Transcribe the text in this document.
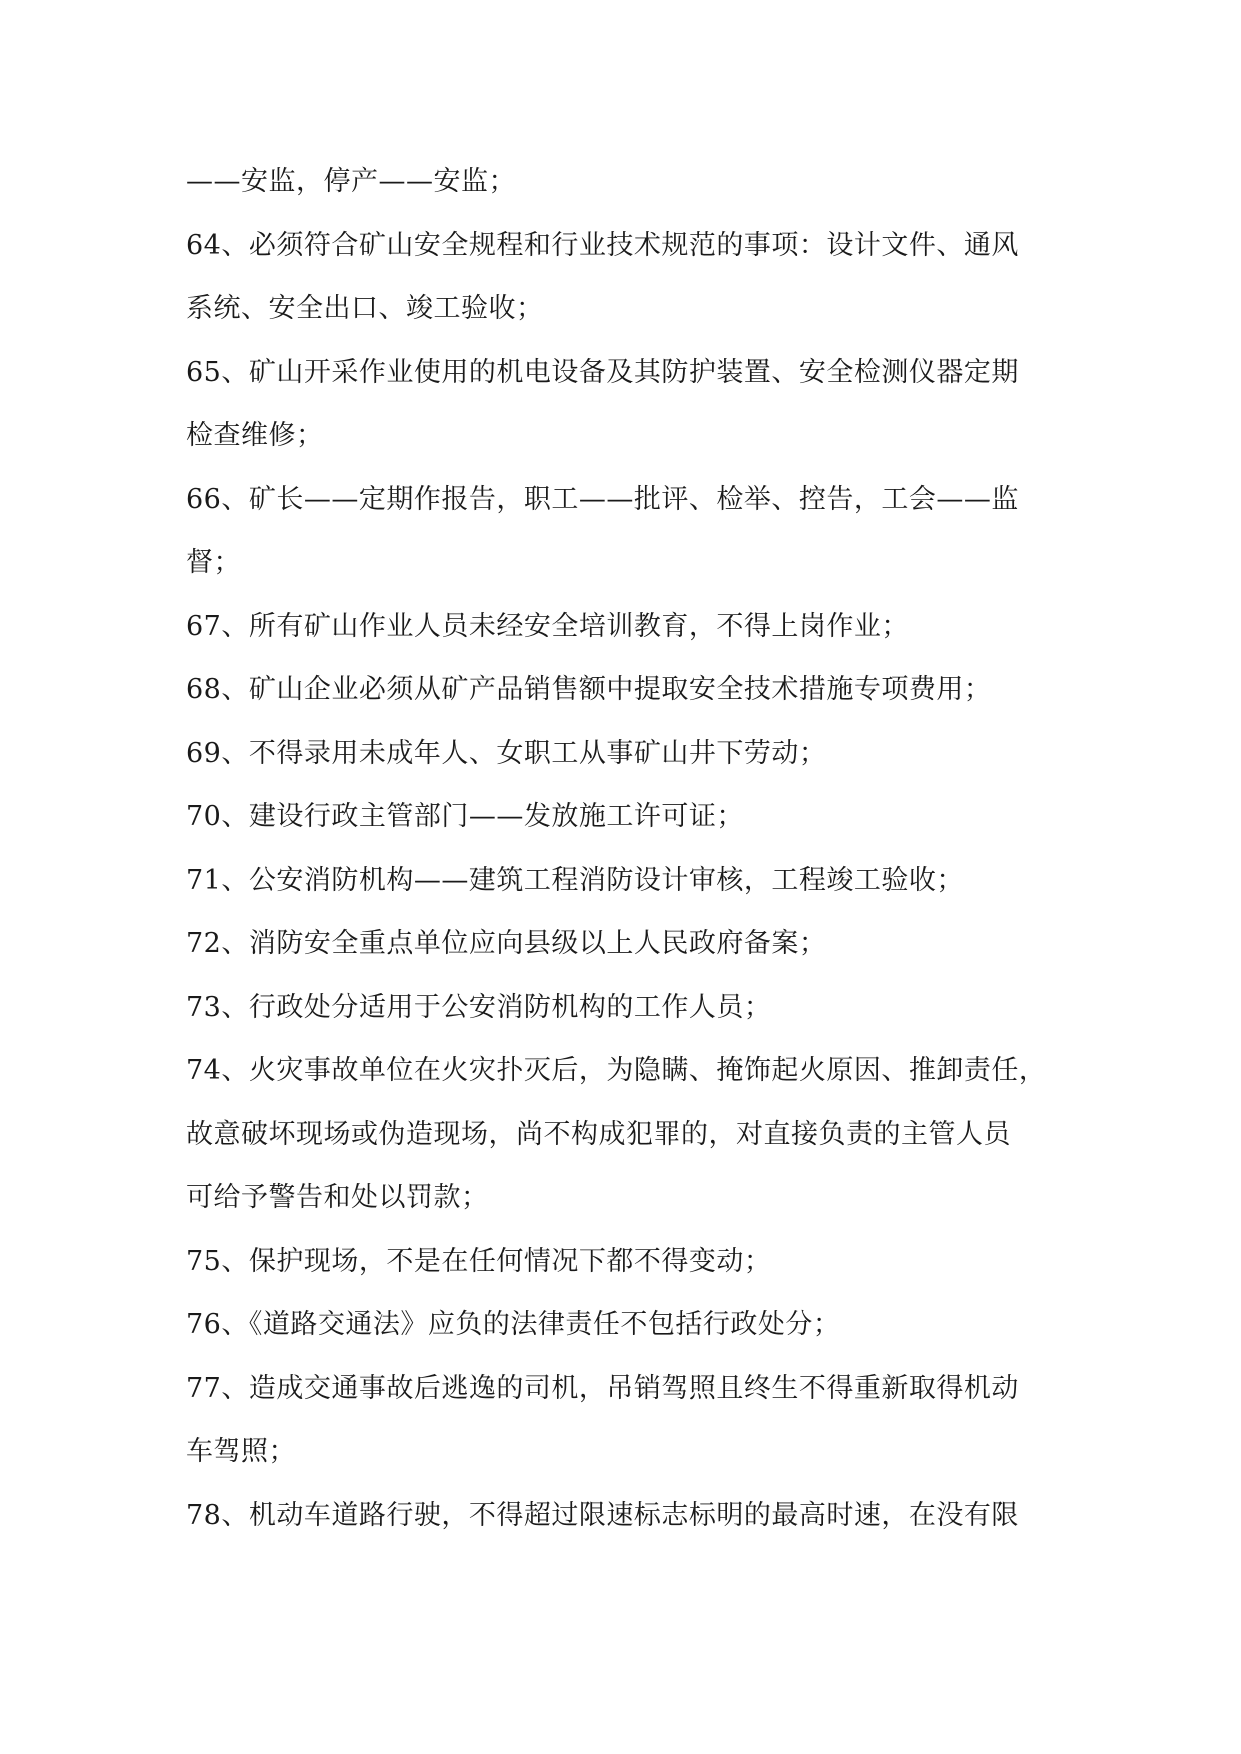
——安监，停产——安监；
64、必须符合矿山安全规程和行业技术规范的事项：设计文件、通风
系统、安全出口、竣工验收；
65、矿山开采作业使用的机电设备及其防护装置、安全检测仪器定期
检查维修；
66、矿长——定期作报告，职工——批评、检举、控告，工会——监
督；
67、所有矿山作业人员未经安全培训教育，不得上岗作业；
68、矿山企业必须从矿产品销售额中提取安全技术措施专项费用；
69、不得录用未成年人、女职工从事矿山井下劳动；
70、建设行政主管部门——发放施工许可证；
71、公安消防机构——建筑工程消防设计审核，工程竣工验收；
72、消防安全重点单位应向县级以上人民政府备案；
73、行政处分适用于公安消防机构的工作人员；
74、火灾事故单位在火灾扑灭后，为隐瞒、掩饰起火原因、推卸责任，
故意破坏现场或伪造现场，尚不构成犯罪的，对直接负责的主管人员
可给予警告和处以罚款；
75、保护现场，不是在任何情况下都不得变动；
76、《道路交通法》应负的法律责任不包括行政处分；
77、造成交通事故后逃逸的司机，吊销驾照且终生不得重新取得机动
车驾照；
78、机动车道路行驶，不得超过限速标志标明的最高时速，在没有限
